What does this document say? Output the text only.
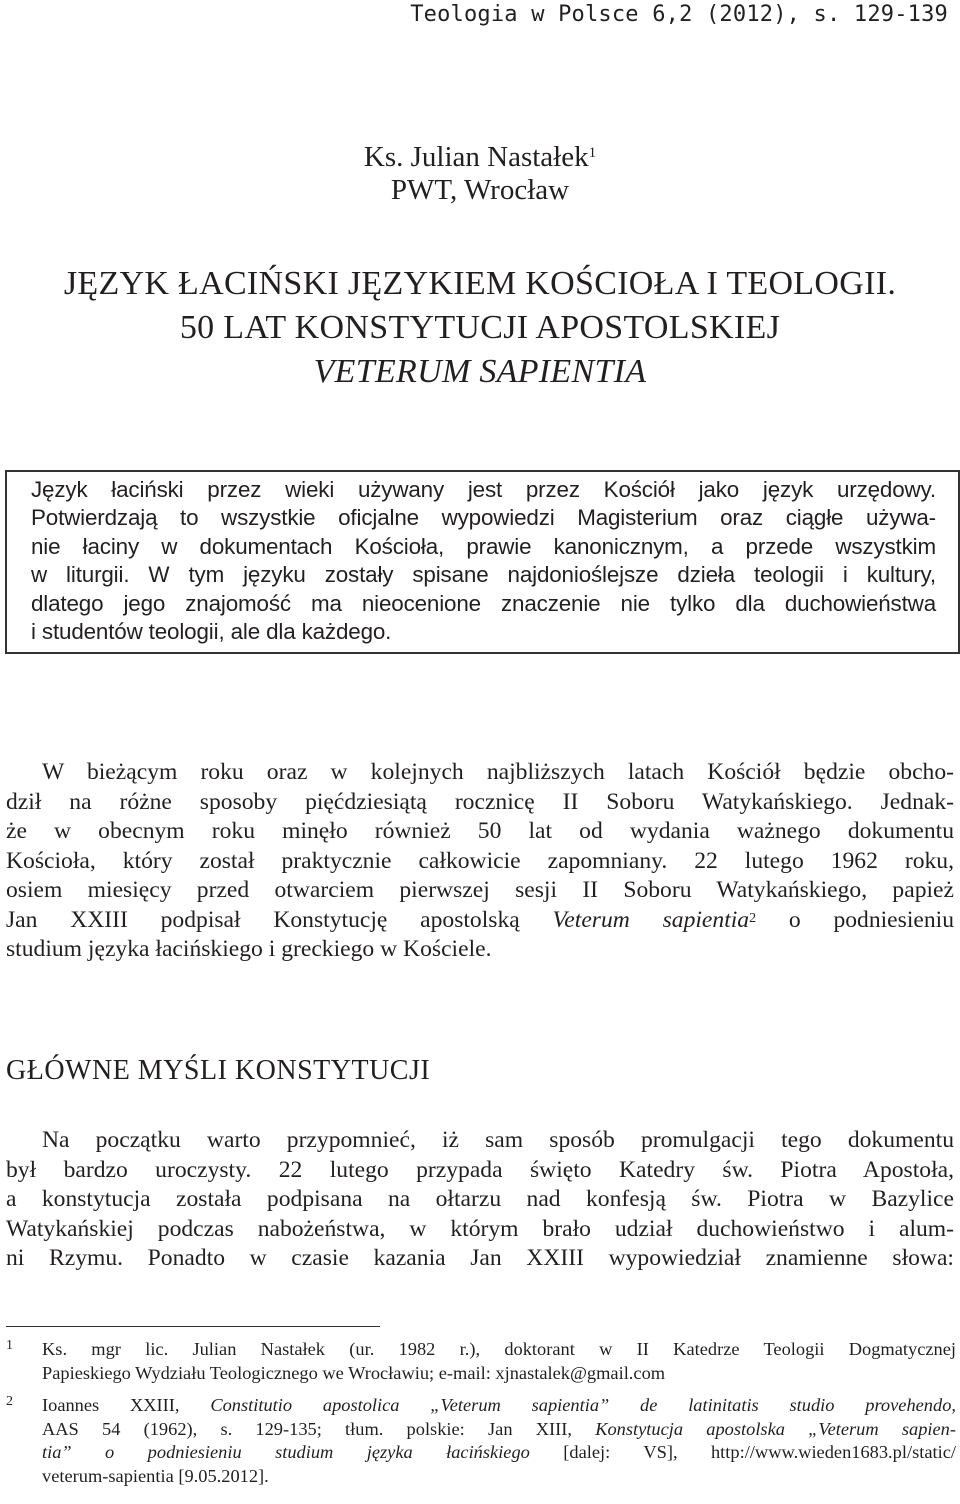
Teologia w Polsce 6,2 (2012), s. 129-139
Ks. Julian Nastałek$^1$
PWT, Wrocław
JĘZYK ŁACIŃSKI JĘZYKIEM KOŚCIOŁA I TEOLOGII.
50 LAT KONSTYTUCJI APOSTOLSKIEJ
VETERUM SAPIENTIA
Język łaciński przez wieki używany jest przez Kościół jako język urzędowy.
Potwierdzają to wszystkie oficjalne wypowiedzi Magisterium oraz ciągłe używa-
nie łaciny w dokumentach Kościoła, prawie kanonicznym, a przede wszystkim
w liturgii. W tym języku zostały spisane najdonioślejsze dzieła teologii i kultury,
dlatego jego znajomość ma nieocenione znaczenie nie tylko dla duchowieństwa
i studentów teologii, ale dla każdego.
W bieżącym roku oraz w kolejnych najbliższych latach Kościół będzie obcho-
dził na różne sposoby pięćdziesiątą rocznicę II Soboru Watykańskiego. Jednak-
że w obecnym roku minęło również 50 lat od wydania ważnego dokumentu
Kościoła, który został praktycznie całkowicie zapomniany. 22 lutego 1962 roku,
osiem miesięcy przed otwarciem pierwszej sesji II Soboru Watykańskiego, papież
Jan XXIII podpisał Konstytucję apostolską Veterum sapientia$^2$ o podniesieniu
studium języka łacińskiego i greckiego w Kościele.
GŁÓWNE MYŚLI KONSTYTUCJI
Na początku warto przypomnieć, iż sam sposób promulgacji tego dokumentu
był bardzo uroczysty. 22 lutego przypada święto Katedry św. Piotra Apostoła,
a konstytucja została podpisana na ołtarzu nad konfesją św. Piotra w Bazylice
Watykańskiej podczas nabożeństwa, w którym brało udział duchowieństwo i alum-
ni Rzymu. Ponadto w czasie kazania Jan XXIII wypowiedział znamienne słowa:
1 Ks. mgr lic. Julian Nastałek (ur. 1982 r.), doktorant w II Katedrze Teologii Dogmatycznej
Papieskiego Wydziału Teologicznego we Wrocławiu; e-mail: xjnastalek@gmail.com
2 Ioannes XXIII, Constitutio apostolica „Veterum sapientia” de latinitatis studio provehendo,
AAS 54 (1962), s. 129-135; tłum. polskie: Jan XIII, Konstytucja apostolska „Veterum sapien-
tia” o podniesieniu studium języka łacińskiego [dalej: VS], http://www.wieden1683.pl/static/
veterum-sapientia [9.05.2012].
